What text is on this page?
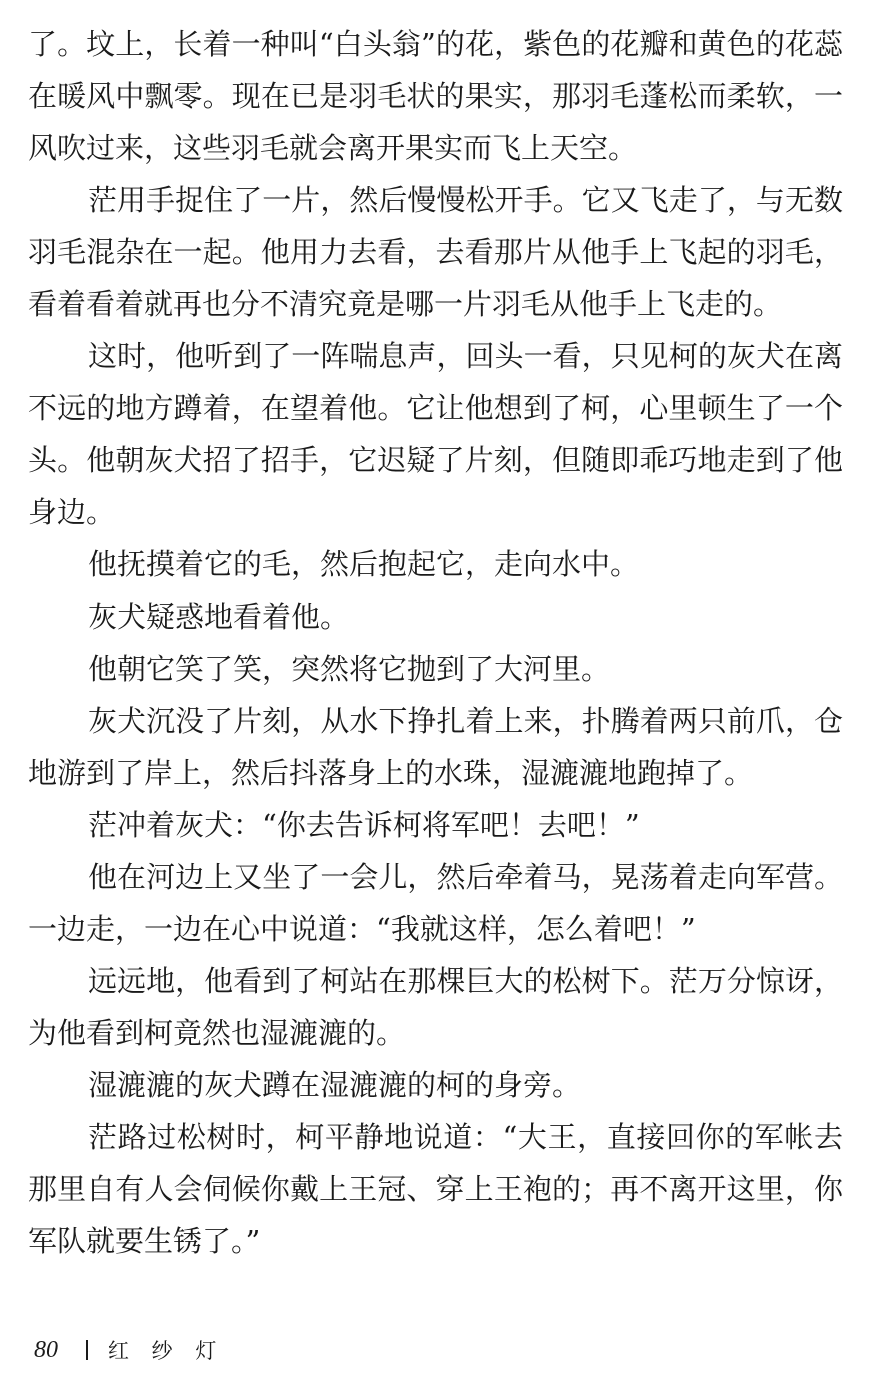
了。坟上，长着一种叫“白头翁”的花，紫色的花瓣和黄色的花蕊
在暖风中飘零。现在已是羽毛状的果实，那羽毛蓬松而柔软，一
风吹过来，这些羽毛就会离开果实而飞上天空。
茫用手捉住了一片，然后慢慢松开手。它又飞走了，与无数
羽毛混杂在一起。他用力去看，去看那片从他手上飞起的羽毛，
看着看着就再也分不清究竟是哪一片羽毛从他手上飞走的。
这时，他听到了一阵喘息声，回头一看，只见柯的灰犬在离
不远的地方蹲着，在望着他。它让他想到了柯，心里顿生了一个
头。他朝灰犬招了招手，它迟疑了片刻，但随即乖巧地走到了他
身边。
他抚摸着它的毛，然后抱起它，走向水中。
灰犬疑惑地看着他。
他朝它笑了笑，突然将它抛到了大河里。
灰犬沉没了片刻，从水下挣扎着上来，扑腾着两只前爪，仓
地游到了岸上，然后抖落身上的水珠，湿漉漉地跑掉了。
茫冲着灰犬：“你去告诉柯将军吧！去吧！”
他在河边上又坐了一会儿，然后牵着马，晃荡着走向军营。
一边走，一边在心中说道：“我就这样，怎么着吧！”
远远地，他看到了柯站在那棵巨大的松树下。茫万分惊讶，
为他看到柯竟然也湿漉漉的。
湿漉漉的灰犬蹲在湿漉漉的柯的身旁。
茫路过松树时，柯平静地说道：“大王，直接回你的军帐去
那里自有人会伺候你戴上王冠、穿上王袍的；再不离开这里，你
军队就要生锈了。”
80 红 纱 灯
